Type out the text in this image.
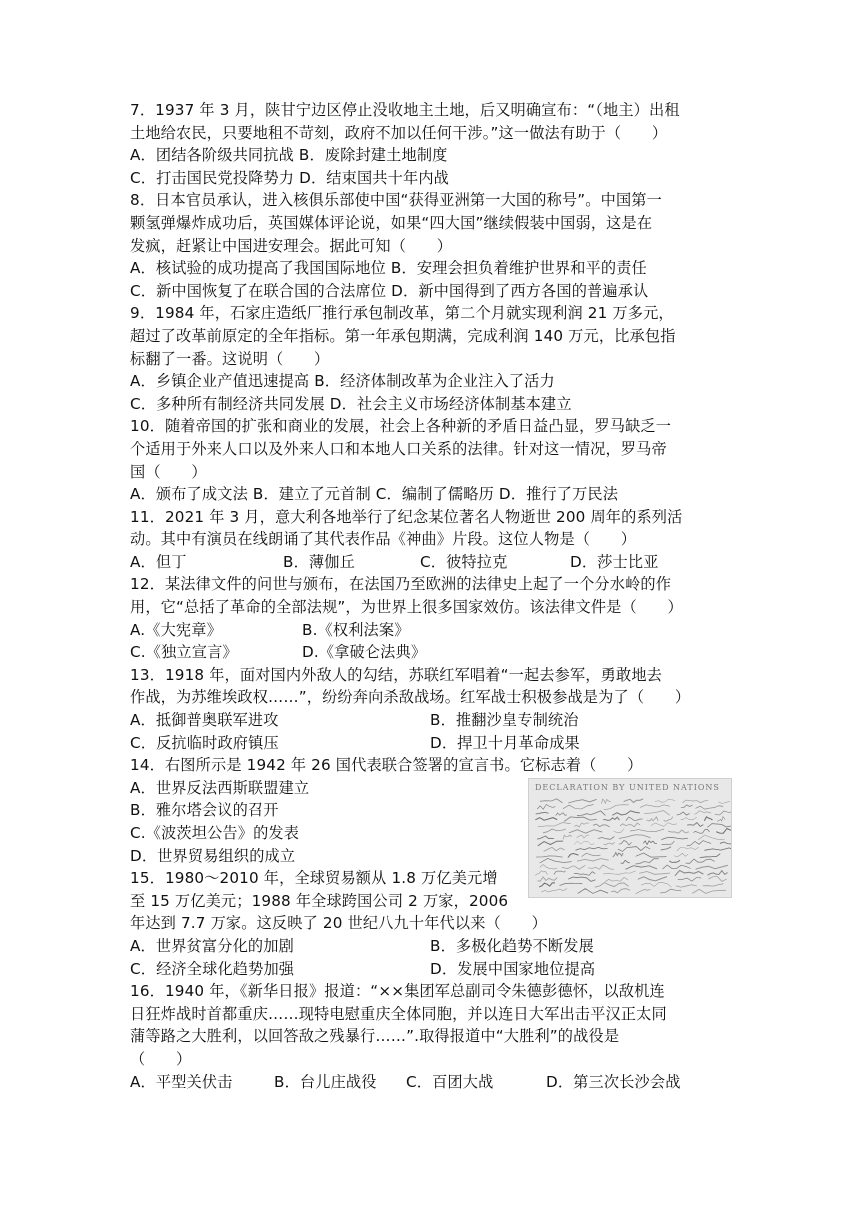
7．1937 年 3 月，陕甘宁边区停止没收地主土地，后又明确宣布：“（地主）出租
土地给农民，只要地租不苛刻，政府不加以任何干涉。”这一做法有助于（　　）
A．团结各阶级共同抗战 B．废除封建土地制度
C．打击国民党投降势力 D．结束国共十年内战
8．日本官员承认，进入核俱乐部使中国“获得亚洲第一大国的称号”。中国第一
颗氢弹爆炸成功后，英国媒体评论说，如果“四大国”继续假装中国弱，这是在
发疯，赶紧让中国进安理会。据此可知（　　）
A．核试验的成功提高了我国国际地位 B．安理会担负着维护世界和平的责任
C．新中国恢复了在联合国的合法席位 D．新中国得到了西方各国的普遍承认
9．1984 年，石家庄造纸厂推行承包制改革，第二个月就实现利润 21 万多元，
超过了改革前原定的全年指标。第一年承包期满，完成利润 140 万元，比承包指
标翻了一番。这说明（　　）
A．乡镇企业产值迅速提高 B．经济体制改革为企业注入了活力
C．多种所有制经济共同发展 D．社会主义市场经济体制基本建立
10．随着帝国的扩张和商业的发展，社会上各种新的矛盾日益凸显，罗马缺乏一
个适用于外来人口以及外来人口和本地人口关系的法律。针对这一情况，罗马帝
国（　　）
A．颁布了成文法 B．建立了元首制 C．编制了儒略历 D．推行了万民法
11．2021 年 3 月，意大利各地举行了纪念某位著名人物逝世 200 周年的系列活
动。其中有演员在线朗诵了其代表作品《神曲》片段。这位人物是（　　）
A．但丁	B．薄伽丘	C．彼特拉克	D．莎士比亚
12．某法律文件的问世与颁布，在法国乃至欧洲的法律史上起了一个分水岭的作
用，它“总括了革命的全部法规”，为世界上很多国家效仿。该法律文件是（　　）
A.《大宪章》	B.《权利法案》
C.《独立宣言》	D.《拿破仑法典》
13．1918 年，面对国内外敌人的勾结，苏联红军唱着“一起去参军，勇敢地去
作战，为苏维埃政权……”，纷纷奔向杀敌战场。红军战士积极参战是为了（　　）
A．抵御普奥联军进攻	B．推翻沙皇专制统治
C．反抗临时政府镇压	D．捍卫十月革命成果
14．右图所示是 1942 年 26 国代表联合签署的宣言书。它标志着（　　）
A．世界反法西斯联盟建立
B．雅尔塔会议的召开
C.《波茨坦公告》的发表
D．世界贸易组织的成立
15．1980～2010 年，全球贸易额从 1.8 万亿美元增
至 15 万亿美元；1988 年全球跨国公司 2 万家，2006
年达到 7.7 万家。这反映了 20 世纪八九十年代以来（　　）
A．世界贫富分化的加剧	B．多极化趋势不断发展
C．经济全球化趋势加强	D．发展中国家地位提高
16．1940 年，《新华日报》报道：“××集团军总副司令朱德彭德怀，以敌机连
日狂炸战时首都重庆……现特电慰重庆全体同胞，并以连日大军出击平汉正太同
蒲等路之大胜利，以回答敌之残暴行……”.取得报道中“大胜利”的战役是
（　　）
A．平型关伏击	B．台儿庄战役 C．百团大战	D．第三次长沙会战
DECLARATION BY UNITED NATIONS
